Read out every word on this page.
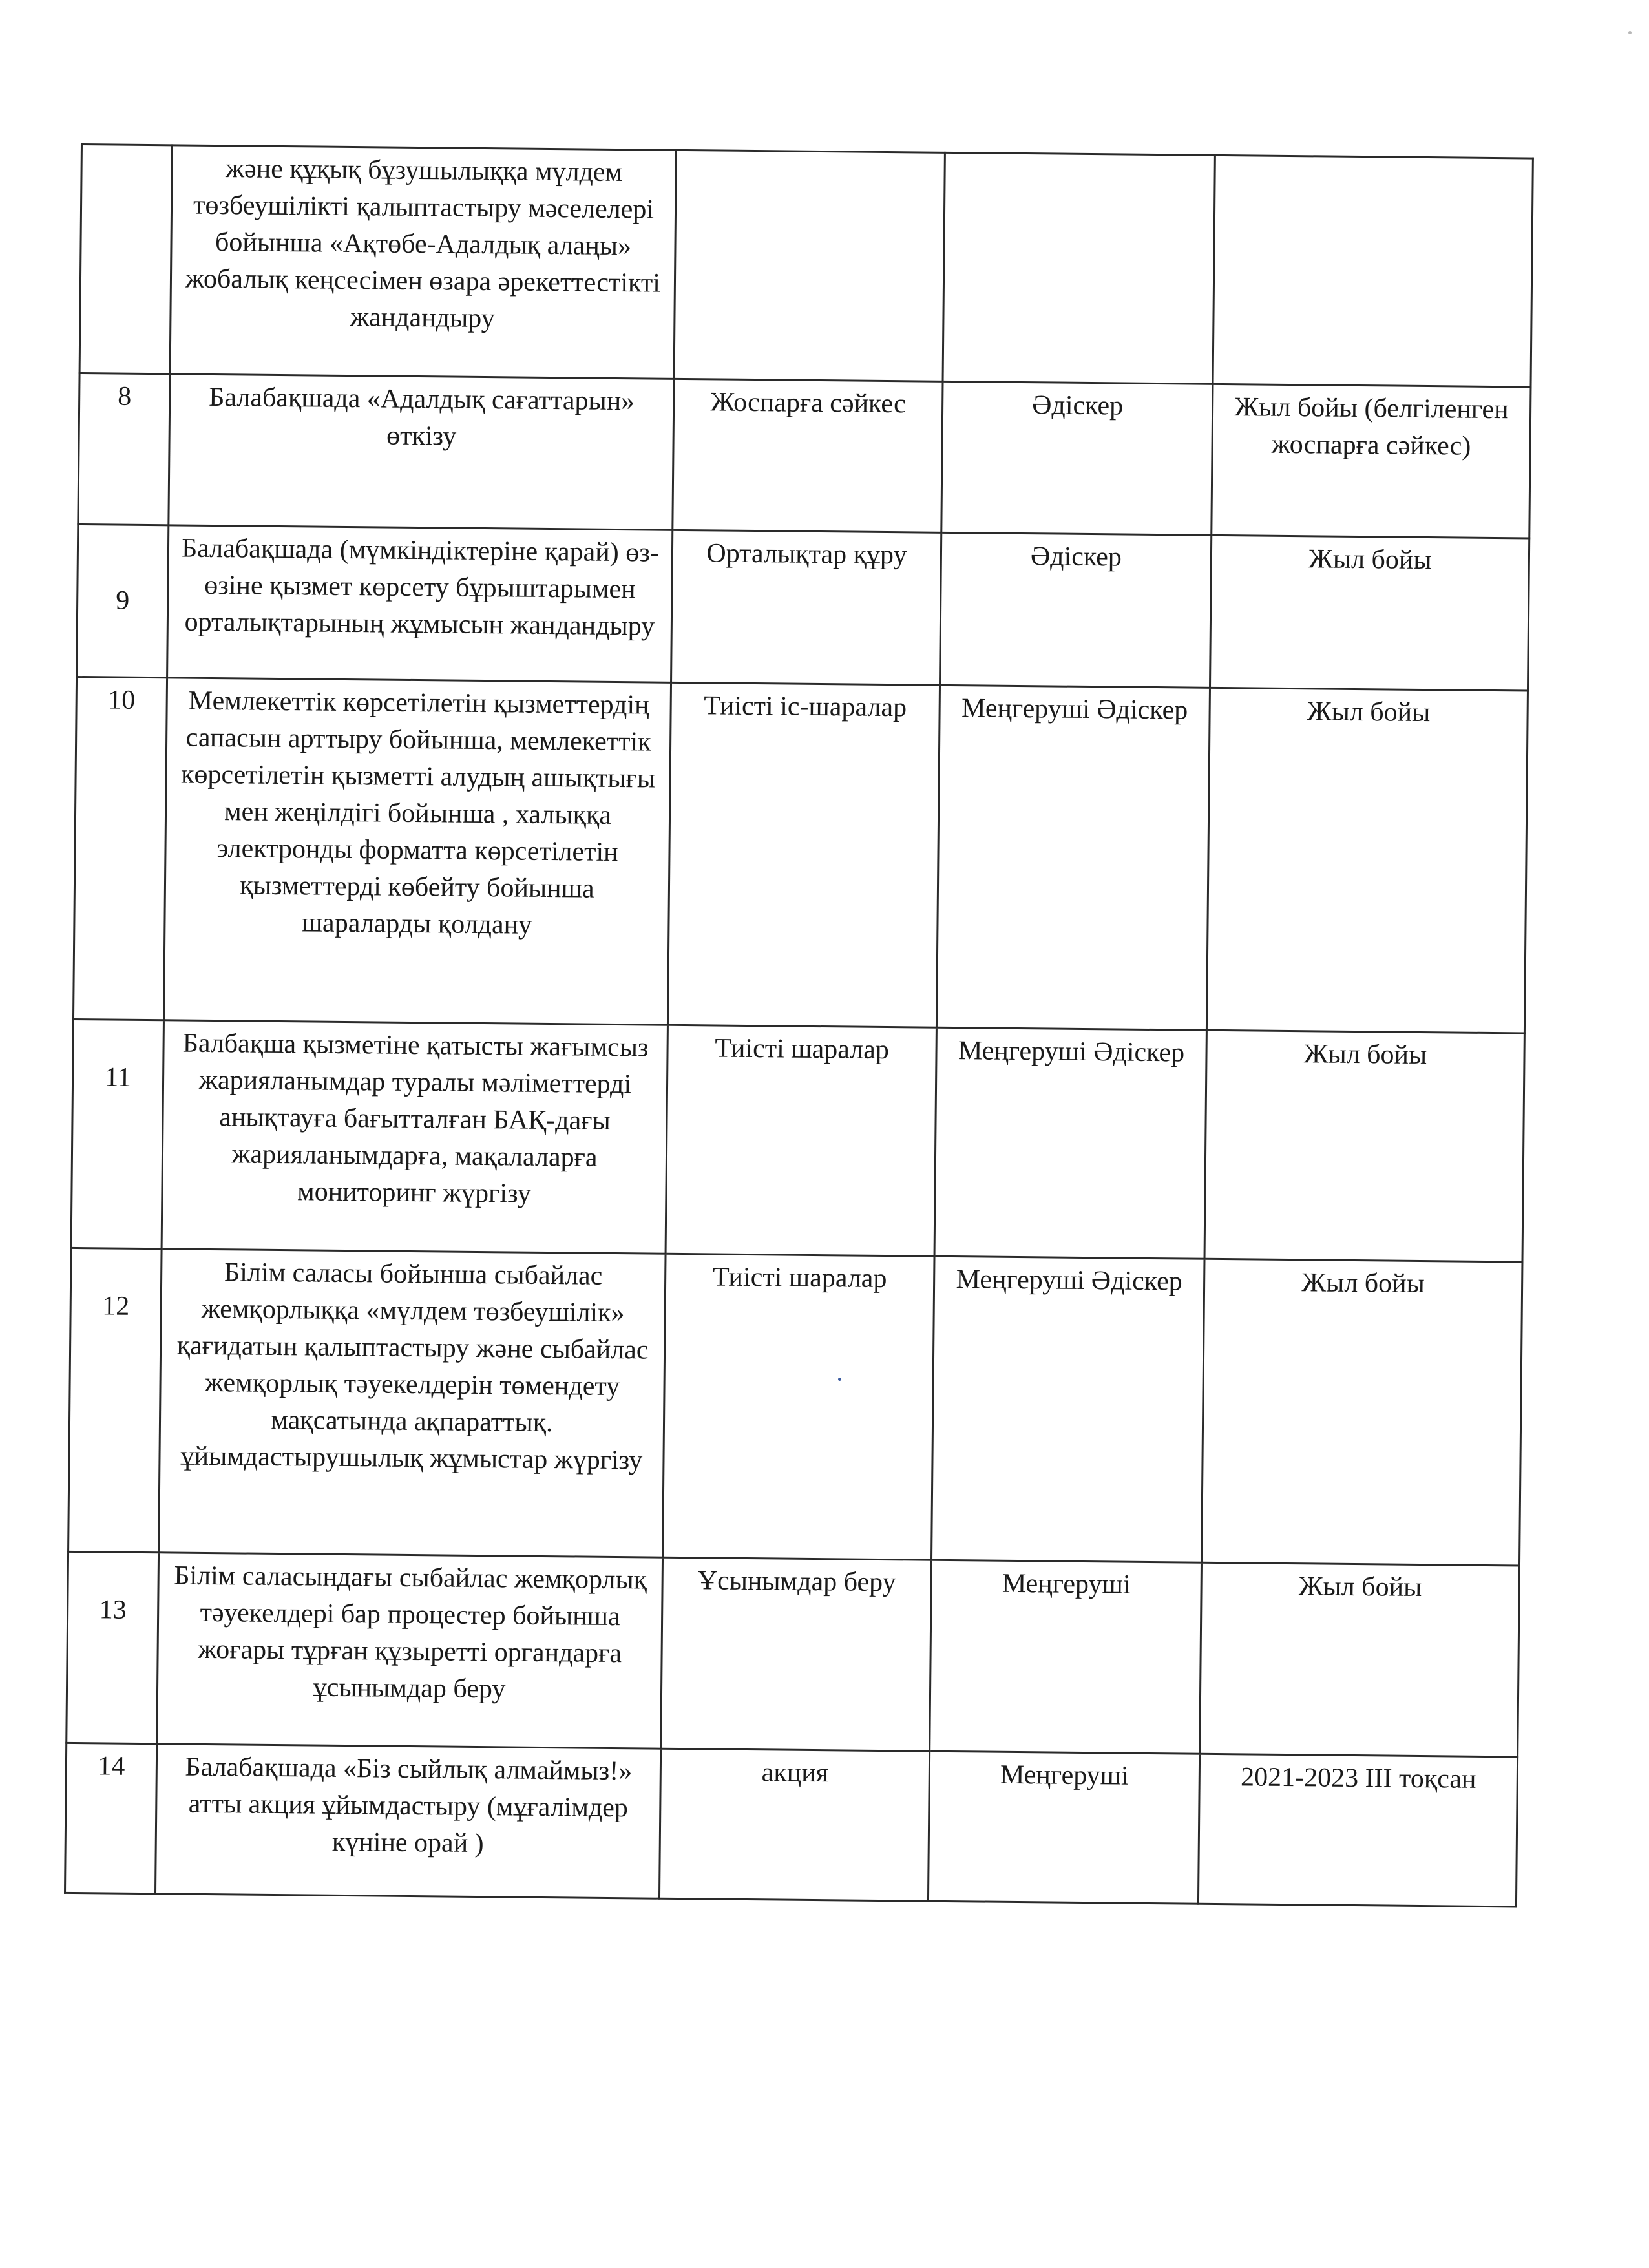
	және құқық бұзушылыққа мүлдем төзбеушілікті қалыптастыру мәселелері бойынша «Ақтөбе-Адалдық алаңы» жобалық кеңсесімен өзара әрекеттестікті жандандыру			
8	Балабақшада «Адалдық сағаттарын» өткізу	Жоспарға сәйкес	Әдіскер	Жыл бойы (белгіленген жоспарға сәйкес)
9	Балабақшада (мүмкіндіктеріне қарай) өз-өзіне қызмет көрсету бұрыштарымен орталықтарының жұмысын жандандыру	Орталықтар құру	Әдіскер	Жыл бойы
10	Мемлекеттік көрсетілетін қызметтердің сапасын арттыру бойынша, мемлекеттік көрсетілетін қызметті алудың ашықтығы мен жеңілдігі бойынша , халыққа электронды форматта көрсетілетін қызметтерді көбейту бойынша шараларды қолдану	Тиісті іс-шаралар	Меңгеруші Әдіскер	Жыл бойы
11	Балбақша қызметіне қатысты жағымсыз жарияланымдар туралы мәліметтерді анықтауға бағытталған БАҚ-дағы жарияланымдарға, мақалаларға мониторинг жүргізу	Тиісті шаралар	Меңгеруші Әдіскер	Жыл бойы
12	Білім саласы бойынша сыбайлас жемқорлыққа «мүлдем төзбеушілік» қағидатын қалыптастыру және сыбайлас жемқорлық тәуекелдерін төмендету мақсатында ақпараттық. ұйымдастырушылық жұмыстар жүргізу	Тиісті шаралар	Меңгеруші Әдіскер	Жыл бойы
13	Білім саласындағы сыбайлас жемқорлық тәуекелдері бар процестер бойынша жоғары тұрған құзыретті органдарға ұсынымдар беру	Ұсынымдар беру	Меңгеруші	Жыл бойы
14	Балабақшада «Біз сыйлық алмаймыз!» атты акция ұйымдастыру (мұғалімдер күніне орай )	акция	Меңгеруші	2021-2023 III тоқсан
